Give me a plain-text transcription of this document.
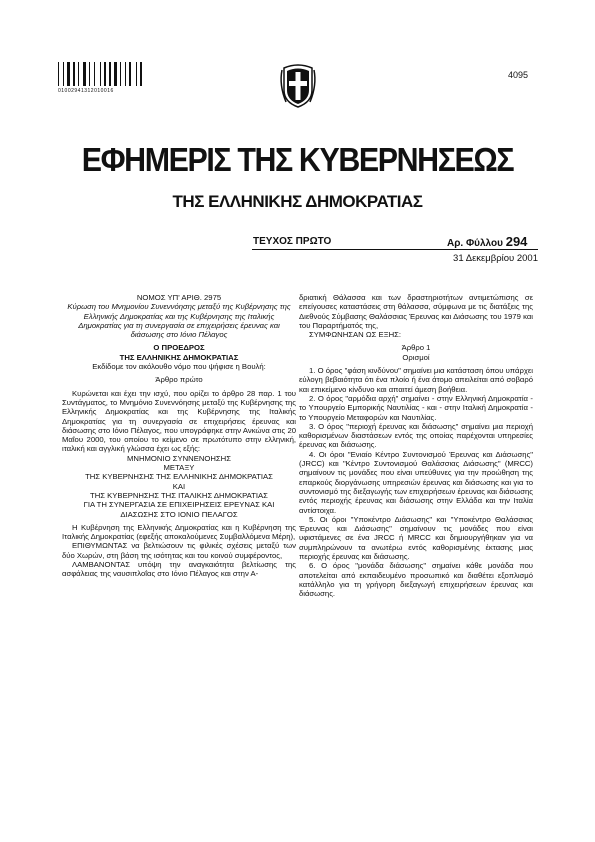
01002941312010016
4095
ΕΦΗΜΕΡΙΣ ΤΗΣ ΚΥΒΕΡΝΗΣΕΩΣ
ΤΗΣ ΕΛΛΗΝΙΚΗΣ ΔΗΜΟΚΡΑΤΙΑΣ
ΤΕΥΧΟΣ ΠΡΩΤΟ	Αρ. Φύλλου 294
31 Δεκεμβρίου 2001

ΝΟΜΟΣ ΥΠ' ΑΡΙΘ. 2975

Κύρωση του Μνημονίου Συνεννόησης μεταξύ της Κυβέρνησης της Ελληνικής Δημοκρατίας και της Κυβέρνησης της Ιταλικής Δημοκρατίας για τη συνεργασία σε επιχειρήσεις έρευνας και διάσωσης στο Ιόνιο Πέλαγος

Ο ΠΡΟΕΔΡΟΣ

ΤΗΣ ΕΛΛΗΝΙΚΗΣ ΔΗΜΟΚΡΑΤΙΑΣ

Εκδίδομε τον ακόλουθο νόμο που ψήφισε η Βουλή:

Άρθρο πρώτο

Κυρώνεται και έχει την ισχύ, που ορίζει το άρθρο 28 παρ. 1 του Συντάγματος, το Μνημόνιο Συνεννόησης μεταξύ της Κυβέρνησης της Ελληνικής Δημοκρατίας και της Κυβέρνησης της Ιταλικής Δημοκρατίας για τη συνεργασία σε επιχειρήσεις έρευνας και διάσωσης στο Ιόνιο Πέλαγος, που υπογράφηκε στην Ανκώνα στις 20 Μαΐου 2000, του οποίου το κείμενο σε πρωτότυπο στην ελληνική, ιταλική και αγγλική γλώσσα έχει ως εξής:

ΜΝΗΜΟΝΙΟ ΣΥΝΝΕΝΟΗΣΗΣ

ΜΕΤΑΞΥ

ΤΗΣ ΚΥΒΕΡΝΗΣΗΣ ΤΗΣ ΕΛΛΗΝΙΚΗΣ ΔΗΜΟΚΡΑΤΙΑΣ

ΚΑΙ

ΤΗΣ ΚΥΒΕΡΝΗΣΗΣ ΤΗΣ ΙΤΑΛΙΚΗΣ ΔΗΜΟΚΡΑΤΙΑΣ

ΓΙΑ ΤΗ ΣΥΝΕΡΓΑΣΙΑ ΣΕ ΕΠΙΧΕΙΡΗΣΕΙΣ ΕΡΕΥΝΑΣ ΚΑΙ

ΔΙΑΣΩΣΗΣ ΣΤΟ ΙΟΝΙΟ ΠΕΛΑΓΟΣ

Η Κυβέρνηση της Ελληνικής Δημοκρατίας και η Κυβέρνηση της Ιταλικής Δημοκρατίας (εφεξής αποκαλούμενες Συμβαλλόμενα Μέρη),

ΕΠΙΘΥΜΩΝΤΑΣ να βελτιώσουν τις φιλικές σχέσεις μεταξύ των δύο Χωρών, στη βάση της ισότητας και του κοινού συμφέροντος,

ΛΑΜΒΑΝΟΝΤΑΣ υπόψη την αναγκαιότητα βελτίωσης της ασφάλειας της ναυσιπλοΐας στο Ιόνιο Πέλαγος και στην Α-

δριατική Θάλασσα και των δραστηριοτήτων αντιμετώπισης σε επείγουσες καταστάσεις στη θάλασσα, σύμφωνα με τις διατάξεις της Διεθνούς Σύμβασης Θαλάσσιας Έρευνας και Διάσωσης του 1979 και του Παραρτήματός της,

ΣΥΜΦΩΝΗΣΑΝ ΩΣ ΕΞΗΣ:

Άρθρο 1

Ορισμοί

1. Ο όρος "φάση κινδύνου" σημαίνει μια κατάσταση όπου υπάρχει εύλογη βεβαιότητα ότι ένα πλοίο ή ένα άτομο απειλείται από σοβαρό και επικείμενο κίνδυνο και απαιτεί άμεση βοήθεια.

2. Ο όρος "αρμόδια αρχή" σημαίνει - στην Ελληνική Δημοκρατία - το Υπουργείο Εμπορικής Ναυτιλίας - και - στην Ιταλική Δημοκρατία - το Υπουργείο Μεταφορών και Ναυτιλίας.

3. Ο όρος "περιοχή έρευνας και διάσωσης" σημαίνει μια περιοχή καθορισμένων διαστάσεων εντός της οποίας παρέχονται υπηρεσίες έρευνας και διάσωσης.

4. Οι όροι "Ενιαίο Κέντρο Συντονισμού Έρευνας και Διάσωσης" (JRCC) και "Κέντρο Συντονισμού Θαλάσσιας Διάσωσης" (MRCC) σημαίνουν τις μονάδες που είναι υπεύθυνες για την προώθηση της επαρκούς διοργάνωσης υπηρεσιών έρευνας και διάσωσης και για το συντονισμό της διεξαγωγής των επιχειρήσεων έρευνας και διάσωσης εντός περιοχής έρευνας και διάσωσης στην Ελλάδα και την Ιταλία αντίστοιχα.

5. Οι όροι "Υποκέντρο Διάσωσης" και "Υποκέντρο Θαλάσσιας Έρευνας και Διάσωσης" σημαίνουν τις μονάδες που είναι υφιστάμενες σε ένα JRCC ή MRCC και δημιουργήθηκαν για να συμπληρώνουν τα ανωτέρω εντός καθορισμένης έκτασης μιας περιοχής έρευνας και διάσωσης.

6. Ο όρος "μονάδα διάσωσης" σημαίνει κάθε μονάδα που αποτελείται από εκπαιδευμένο προσωπικό και διαθέτει εξοπλισμό κατάλληλο για τη γρήγορη διεξαγωγή επιχειρήσεων έρευνας και διάσωσης.
